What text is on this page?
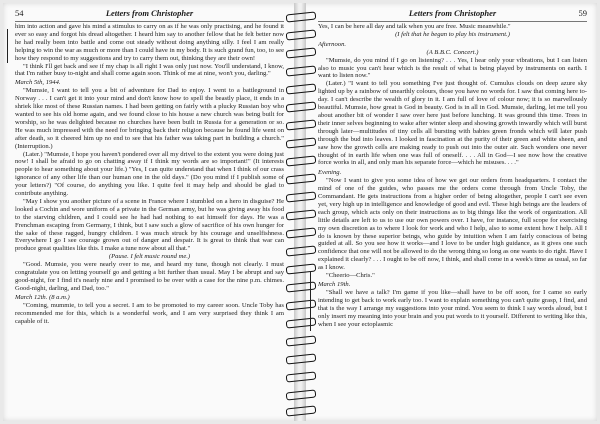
54	Letters from Christopher

him into action and gave his mind a stimulus to carry on as if he was only practising, and he found it ever so easy and forgot his dread altogether. I heard him say to another fellow that he felt better now he had really been into battle and come out steady without doing anything silly. I feel I am really helping to win the war as much or more than I could have in my body. It is such grand fun, too, to see how they respond to my suggestions and try to carry them out, thinking they are their own!

"I think I'll get back and see if my chap is all right I was only just now. You'll understand, I know, that I'm rather busy to-night and shall come again soon. Think of me at nine, won't you, darling."

March 5th, 1944.

"Mumsie, I want to tell you a bit of adventure for Dad to enjoy. I went to a battleground in Norway . . . I can't get it into your mind and don't know how to spell the beastly place, it ends in a shriek like most of these Russian names. I had been getting on fairly with a plucky Russian boy who wanted to see his old home again, and we found close to his house a new church was being built for worship, so he was delighted because no churches have been built in Russia for a generation or so. He was much impressed with the need for bringing back their religion because he found life went on after death, so it cheered him up no end to see that his father was taking part in building a church." (Interruption.)

(Later.) "Mumsie, I hope you haven't pondered over all my drivel to the extent you were doing just now! I shall be afraid to go on chatting away if I think my words are so important!" (It interests people to hear something about your life.) "Yes, I can quite understand that when I think of our crass ignorance of any other life than our human one in the old days." (Do you mind if I publish some of your letters?) "Of course, do anything you like. I quite feel it may help and should be glad to contribute anything.

"May I show you another picture of a scene in France where I stumbled on a hero in disguise? He looked a Cochin and wore uniform of a private in the German army, but he was giving away his food to the starving children, and I could see he had had nothing to eat himself for days. He was a Frenchman escaping from Germany, I think, but I saw such a glow of sacrifice of his own hunger for the sake of these ragged, hungry children. I was much struck by his courage and unselfishness. Everywhere I go I see courage grown out of danger and despair. It is great to think that war can produce great qualities like this. I make a tune now about all that."

(Pause. I felt music round me.)

"Good. Mumsie, you were nearly over to me, and heard my tune, though not clearly. I must congratulate you on letting yourself go and getting a bit further than usual. May I be abrupt and say good-night, for I find it's nearly nine and I promised to be over with a case for the nine p.m. chimes. Good-night, darling, and Dad, too."

March 12th. (8 a.m.)

"Coming, mummie, to tell you a secret. I am to be promoted to my career soon. Uncle Toby has recommended me for this, which is a wonderful work, and I am very surprised they think I am capable of it.

Letters from Christopher	59

Yes, I can be here all day and talk when you are free. Music meanwhile."

(I felt that he began to play his instrument.)

Afternoon.

(A B.B.C. Concert.)

"Mumsie, do you mind if I go on listening? . . . Yes, I hear only your vibrations, but I can listen also to music you can't hear which is the result of what is being played by instruments on earth. I want to listen now."

(Later.) "I want to tell you something I've just thought of. Cumulus clouds on deep azure sky lighted up by a rainbow of unearthly colours, those you have no words for. I saw that coming here to-day. I can't describe the wealth of glory in it. I am full of love of colour now; it is so marvellously beautiful. Mumsie, how great is God in beauty. God is in all in God. Mumsie, darling, let me tell you about another bit of wonder I saw over here just before lunching. It was ground this time. Trees in their inner selves beginning to wake after winter sleep and showing growth inwardly which will burst through later—multitudes of tiny cells all bursting with babies green fronds which will later push through the bud into leaves. I looked in fascination at the purity of their green and white sheen, and saw how the growth cells are making ready to push out into the outer air. Such wonders one never thought of in earth life when one was full of oneself. . . . All in God—I see now how the creative force works in all, and only man his separate force—which he misuses. . . ."

Evening.

"Now I want to give you some idea of how we get our orders from headquarters. I contact the mind of one of the guides, who passes me the orders come through from Uncle Toby, the Commandant. He gets instructions from a higher order of being altogether, people I can't see even yet, very high up in intelligence and knowledge of good and evil. These high beings are the leaders of each group, which acts only on their instructions as to big things like the work of organization. All little details are left to us to use our own powers over. I have, for instance, full scope for exercising my own discretion as to where I look for work and who I help, also to some extent how I help. All I do is known by these superior beings, who guide by intuition when I am fairly conscious of being guided at all. So you see how it works—and I love to be under high guidance, as it gives one such confidence that one will not be allowed to do the wrong thing so long as one wants to do right. Have I explained it clearly? . . . I ought to be off now, I think, and shall come in a week's time as usual, so far as I know.

"Cheerio—Chris."

March 19th.

"Shall we have a talk? I'm game if you like—shall have to be off soon, for I came so early intending to get back to work early too. I want to explain something you can't quite grasp, I find, and that is the way I arrange my suggestions into your mind. You seem to think I say words aloud, but I only insert my meaning into your brain and you put words to it yourself. Different to writing like this, when I see your ectoplasmic
